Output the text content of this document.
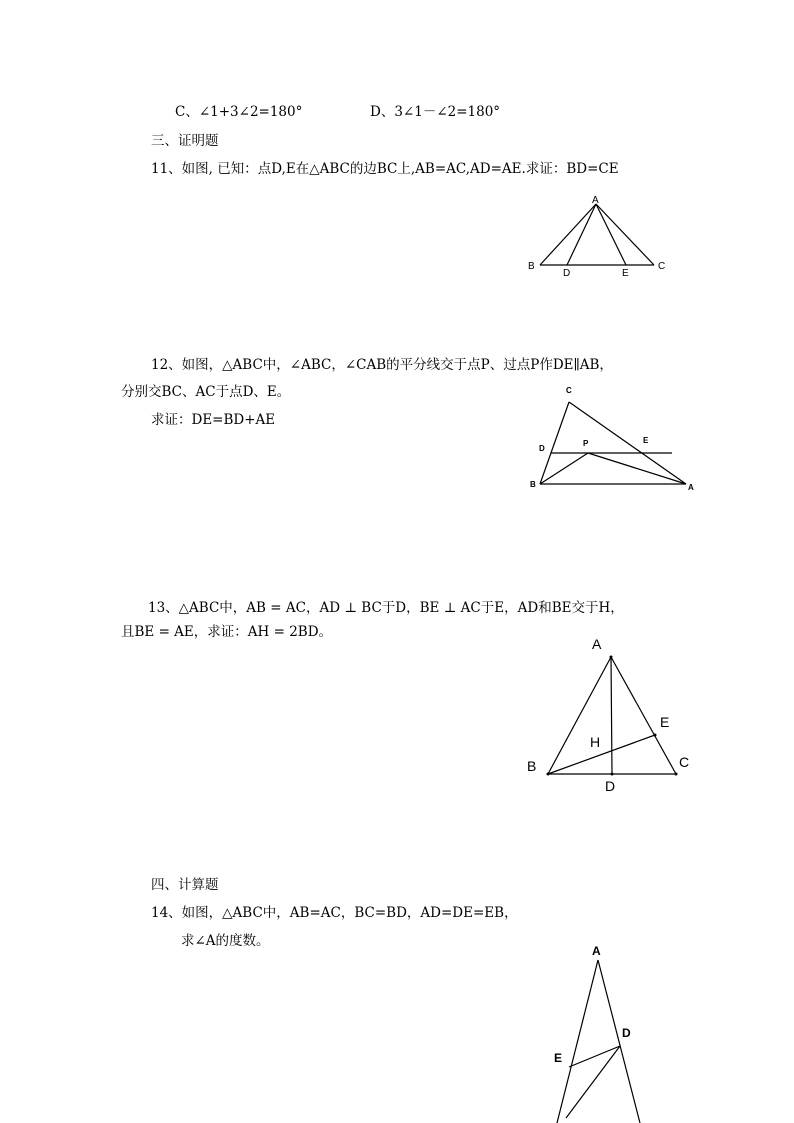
C、∠1+3∠2=180°	D、3∠1－∠2=180°
三、证明题
11、如图, 已知：点D,E在△ABC的边BC上,AB=AC,AD=AE.求证：BD=CE
A
B	C
D	E
12、如图，△ABC中，∠ABC，∠CAB的平分线交于点P、过点P作DE∥AB，
分别交BC、AC于点D、E。
求证：DE=BD+AE
C
D
P	E
B	A
13、△ABC中，AB = AC，AD ⊥ BC于D，BE ⊥ AC于E，AD和BE交于H，
且BE = AE，求证：AH = 2BD。
A
B	C
D
E
H
四、计算题
14、如图，△ABC中，AB=AC，BC=BD，AD=DE=EB，
求∠A的度数。
A
D
E
